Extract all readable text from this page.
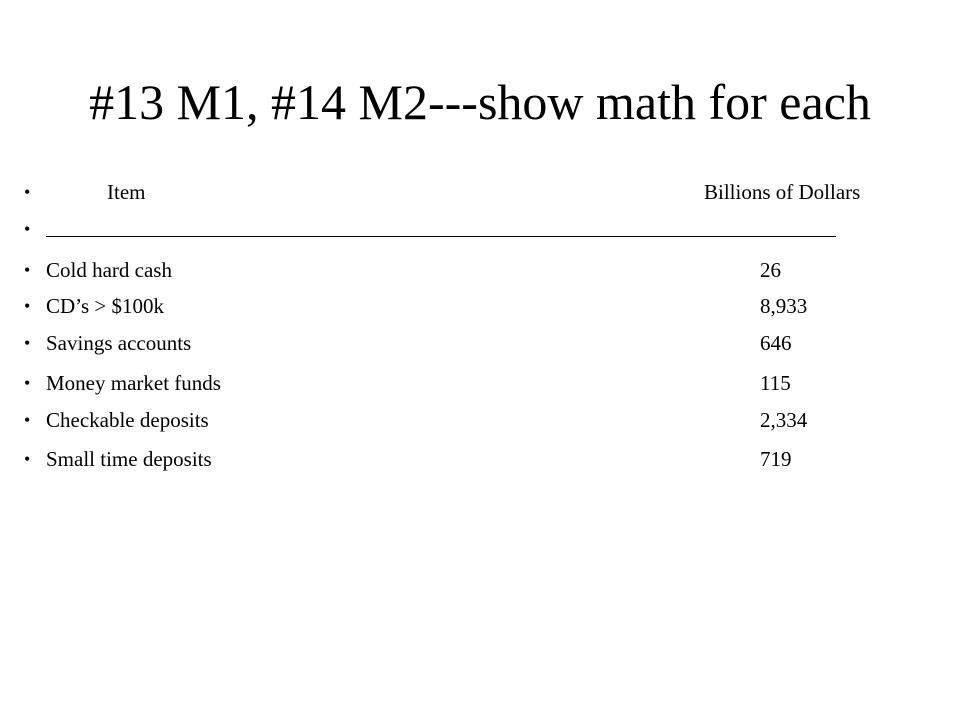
#13 M1, #14 M2---show math for each
•	Item	Billions of Dollars
•
• Cold hard cash	26
• CD’s > $100k	8,933
• Savings accounts	646
• Money market funds	115
• Checkable deposits	2,334
• Small time deposits	719
